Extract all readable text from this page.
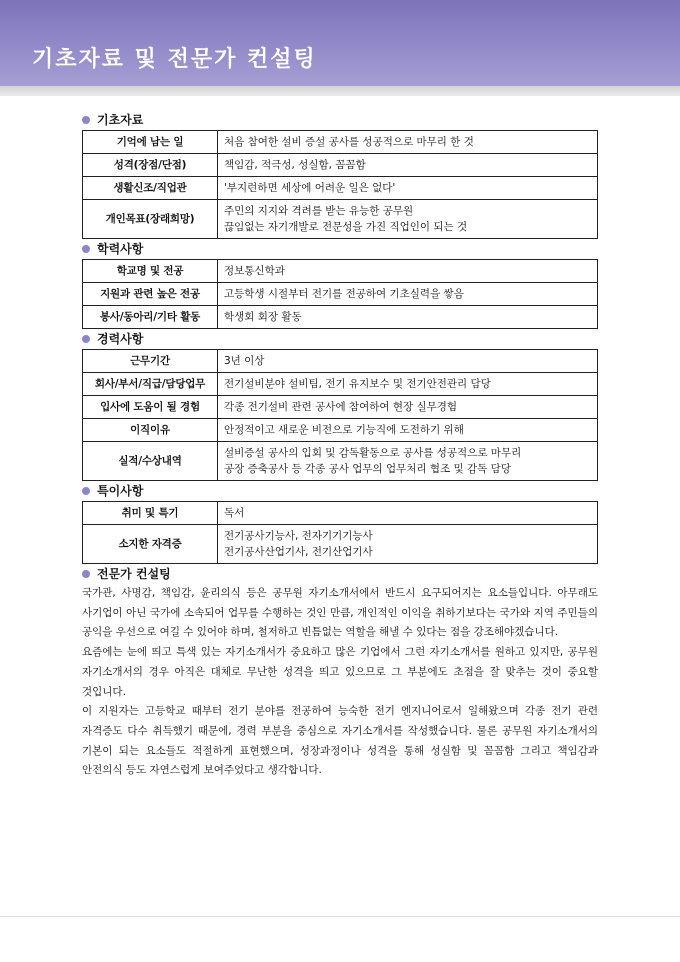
기초자료 및 전문가 컨설팅
기초자료
기억에 남는 일	처음 참여한 설비 증설 공사를 성공적으로 마무리 한 것

성격(장점/단점)	책임감, 적극성, 성실함, 꼼꼼함

생활신조/직업관	'부지런하면 세상에 어려운 일은 없다'

개인목표(장래희망)	주민의 지지와 격려를 받는 유능한 공무원
끊임없는 자기개발로 전문성을 가진 직업인이 되는 것
학력사항
학교명 및 전공	정보통신학과

지원과 관련 높은 전공	고등학생 시절부터 전기를 전공하여 기초실력을 쌓음

봉사/동아리/기타 활동	학생회 회장 활동
경력사항
근무기간	3년 이상

회사/부서/직급/담당업무	전기설비분야 설비팀, 전기 유지보수 및 전기안전관리 담당

입사에 도움이 될 경험	각종 전기설비 관련 공사에 참여하여 현장 실무경험

이직이유	안정적이고 새로운 비전으로 기능직에 도전하기 위해

실적/수상내역	설비증설 공사의 입회 및 감독활동으로 공사를 성공적으로 마무리
공장 증축공사 등 각종 공사 업무의 업무처리 협조 및 감독 담당
특이사항
취미 및 특기	독서

소지한 자격증	전기공사기능사, 전자기기기능사
전기공사산업기사, 전기산업기사
전문가 컨설팅

국가관, 사명감, 책임감, 윤리의식 등은 공무원 자기소개서에서 반드시 요구되어지는 요소들입니다. 아무래도 사기업이 아닌 국가에 소속되어 업무를 수행하는 것인 만큼, 개인적인 이익을 취하기보다는 국가와 지역 주민들의 공익을 우선으로 여길 수 있어야 하며, 철저하고 빈틈없는 역할을 해낼 수 있다는 점을 강조해야겠습니다.

요즘에는 눈에 띄고 특색 있는 자기소개서가 중요하고 많은 기업에서 그런 자기소개서를 원하고 있지만, 공무원 자기소개서의 경우 아직은 대체로 무난한 성격을 띄고 있으므로 그 부분에도 초점을 잘 맞추는 것이 중요할 것입니다.

이 지원자는 고등학교 때부터 전기 분야를 전공하여 능숙한 전기 엔지니어로서 일해왔으며 각종 전기 관련 자격증도 다수 취득했기 때문에, 경력 부분을 중심으로 자기소개서를 작성했습니다. 물론 공무원 자기소개서의 기본이 되는 요소들도 적절하게 표현했으며, 성장과정이나 성격을 통해 성실함 및 꼼꼼함 그리고 책임감과 안전의식 등도 자연스럽게 보여주었다고 생각합니다.
